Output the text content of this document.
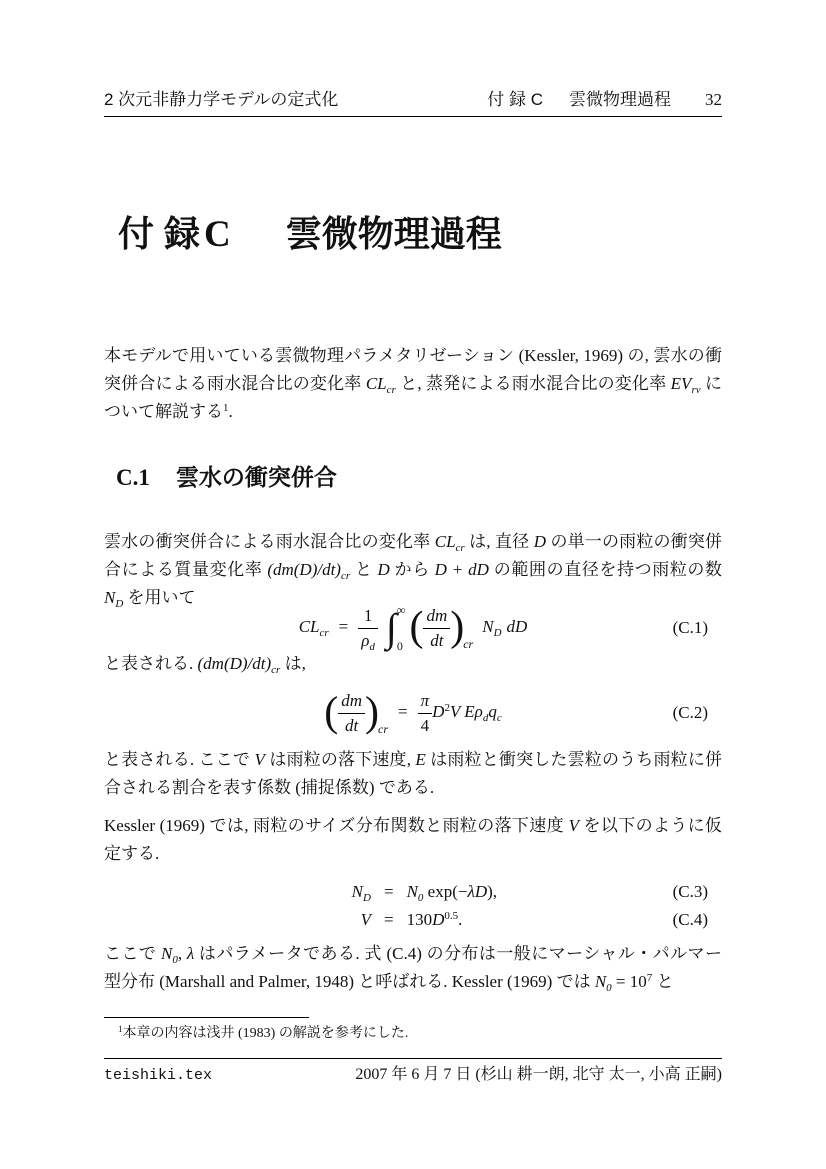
2 次元非静力学モデルの定式化	付 録 C 雲微物理過程 32
付 録 C 雲微物理過程

本モデルで用いている雲微物理パラメタリゼーション (Kessler, 1969) の, 雲水の衝突併合による雨水混合比の変化率 $CL_{cr}$ と, 蒸発による雨水混合比の変化率 $EV_{rv}$ について解説する$^1$.

C.1 雲水の衝突併合

雲水の衝突併合による雨水混合比の変化率 $CL_{cr}$ は, 直径 D の単一の雨粒の衝突併合による質量変化率 $(dm(D)/dt)_{cr}$ と D から D + dD の範囲の直径を持つ雨粒の数 $N_D$ を用いて

$CL_{cr} = \frac{1}{\rho_d}$ ∫ ∞
0 ( $\frac{dm}{dt} )_{cr}N_D$ dD	(C.1)

と表される. $(dm(D)/dt)_{cr}$ は,

( $\frac{dm}{dt} )_{cr}= \frac{\pi}{4} D^2V$ $E\rho_dq_c$	(C.2)

と表される. ここで V は雨粒の落下速度, E は雨粒と衝突した雲粒のうち雨粒に併合される割合を表す係数 (捕捉係数) である.

Kessler (1969) では, 雨粒のサイズ分布関数と雨粒の落下速度 V を以下のように仮定する.

$N_D = N_0$ exp(−λD),
$V = 130D^{0.5}$.
(C.3)
(C.4)

ここで $N_0$, λ はパラメータである. 式 (C.4) の分布は一般にマーシャル・パルマー型分布 (Marshall and Palmer, 1948) と呼ばれる. Kessler (1969) では $N_0 = 10^7$ と

$^1$本章の内容は浅井 (1983) の解説を参考にした.

teishiki.tex	2007 年 6 月 7 日 (杉山 耕一朗, 北守 太一, 小高 正嗣)
